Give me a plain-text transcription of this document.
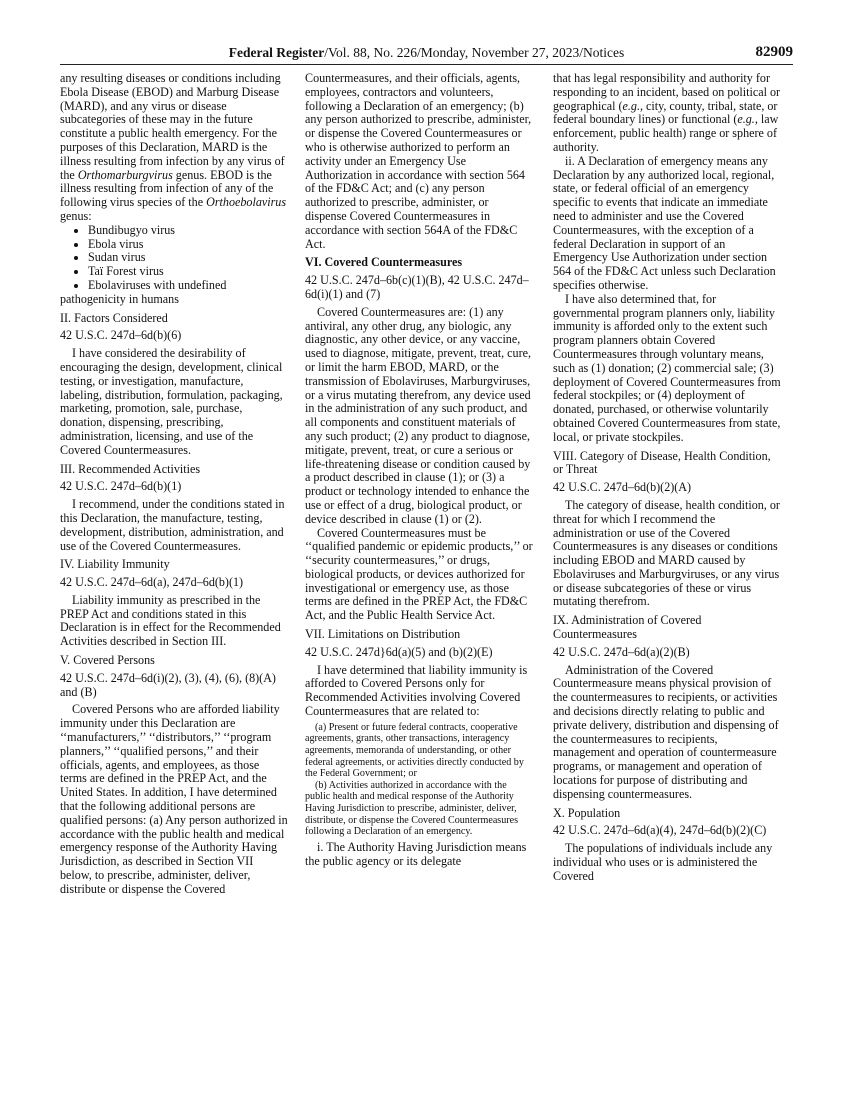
Federal Register/Vol. 88, No. 226/Monday, November 27, 2023/Notices	82909

any resulting diseases or conditions including Ebola Disease (EBOD) and Marburg Disease (MARD), and any virus or disease subcategories of these may in the future constitute a public health emergency. For the purposes of this Declaration, MARD is the illness resulting from infection by any virus of the Orthomarburgvirus genus. EBOD is the illness resulting from infection of any of the following virus species of the Orthoebolavirus genus:

• Bundibugyo virus
• Ebola virus
• Sudan virus
• Taï Forest virus
• Ebolaviruses with undefined

pathogenicity in humans

II. Factors Considered

42 U.S.C. 247d–6d(b)(6)

I have considered the desirability of encouraging the design, development, clinical testing, or investigation, manufacture, labeling, distribution, formulation, packaging, marketing, promotion, sale, purchase, donation, dispensing, prescribing, administration, licensing, and use of the Covered Countermeasures.

III. Recommended Activities

42 U.S.C. 247d–6d(b)(1)

I recommend, under the conditions stated in this Declaration, the manufacture, testing, development, distribution, administration, and use of the Covered Countermeasures.

IV. Liability Immunity

42 U.S.C. 247d–6d(a), 247d–6d(b)(1)

Liability immunity as prescribed in the PREP Act and conditions stated in this Declaration is in effect for the Recommended Activities described in Section III.

V. Covered Persons

42 U.S.C. 247d–6d(i)(2), (3), (4), (6), (8)(A) and (B)

Covered Persons who are afforded liability immunity under this Declaration are ‘‘manufacturers,’’ ‘‘distributors,’’ ‘‘program planners,’’ ‘‘qualified persons,’’ and their officials, agents, and employees, as those terms are defined in the PREP Act, and the United States. In addition, I have determined that the following additional persons are qualified persons: (a) Any person authorized in accordance with the public health and medical emergency response of the Authority Having Jurisdiction, as described in Section VII below, to prescribe, administer, deliver, distribute or dispense the Covered

Countermeasures, and their officials, agents, employees, contractors and volunteers, following a Declaration of an emergency; (b) any person authorized to prescribe, administer, or dispense the Covered Countermeasures or who is otherwise authorized to perform an activity under an Emergency Use Authorization in accordance with section 564 of the FD&C Act; and (c) any person authorized to prescribe, administer, or dispense Covered Countermeasures in accordance with section 564A of the FD&C Act.

VI. Covered Countermeasures

42 U.S.C. 247d–6b(c)(1)(B), 42 U.S.C. 247d–6d(i)(1) and (7)

Covered Countermeasures are: (1) any antiviral, any other drug, any biologic, any diagnostic, any other device, or any vaccine, used to diagnose, mitigate, prevent, treat, cure, or limit the harm EBOD, MARD, or the transmission of Ebolaviruses, Marburgviruses, or a virus mutating therefrom, any device used in the administration of any such product, and all components and constituent materials of any such product; (2) any product to diagnose, mitigate, prevent, treat, or cure a serious or life-threatening disease or condition caused by a product described in clause (1); or (3) a product or technology intended to enhance the use or effect of a drug, biological product, or device described in clause (1) or (2).

Covered Countermeasures must be ‘‘qualified pandemic or epidemic products,’’ or ‘‘security countermeasures,’’ or drugs, biological products, or devices authorized for investigational or emergency use, as those terms are defined in the PREP Act, the FD&C Act, and the Public Health Service Act.

VII. Limitations on Distribution

42 U.S.C. 247d}6d(a)(5) and (b)(2)(E)

I have determined that liability immunity is afforded to Covered Persons only for Recommended Activities involving Covered Countermeasures that are related to:

(a) Present or future federal contracts, cooperative agreements, grants, other transactions, interagency agreements, memoranda of understanding, or other federal agreements, or activities directly conducted by the Federal Government; or

(b) Activities authorized in accordance with the public health and medical response of the Authority Having Jurisdiction to prescribe, administer, deliver, distribute, or dispense the Covered Countermeasures following a Declaration of an emergency.

i. The Authority Having Jurisdiction means the public agency or its delegate

that has legal responsibility and authority for responding to an incident, based on political or geographical (e.g., city, county, tribal, state, or federal boundary lines) or functional (e.g., law enforcement, public health) range or sphere of authority.

ii. A Declaration of emergency means any Declaration by any authorized local, regional, state, or federal official of an emergency specific to events that indicate an immediate need to administer and use the Covered Countermeasures, with the exception of a federal Declaration in support of an Emergency Use Authorization under section 564 of the FD&C Act unless such Declaration specifies otherwise.

I have also determined that, for governmental program planners only, liability immunity is afforded only to the extent such program planners obtain Covered Countermeasures through voluntary means, such as (1) donation; (2) commercial sale; (3) deployment of Covered Countermeasures from federal stockpiles; or (4) deployment of donated, purchased, or otherwise voluntarily obtained Covered Countermeasures from state, local, or private stockpiles.

VIII. Category of Disease, Health Condition, or Threat

42 U.S.C. 247d–6d(b)(2)(A)

The category of disease, health condition, or threat for which I recommend the administration or use of the Covered Countermeasures is any diseases or conditions including EBOD and MARD caused by Ebolaviruses and Marburgviruses, or any virus or disease subcategories of these or virus mutating therefrom.

IX. Administration of Covered Countermeasures

42 U.S.C. 247d–6d(a)(2)(B)

Administration of the Covered Countermeasure means physical provision of the countermeasures to recipients, or activities and decisions directly relating to public and private delivery, distribution and dispensing of the countermeasures to recipients, management and operation of countermeasure programs, or management and operation of locations for purpose of distributing and dispensing countermeasures.

X. Population

42 U.S.C. 247d–6d(a)(4), 247d–6d(b)(2)(C)

The populations of individuals include any individual who uses or is administered the Covered
